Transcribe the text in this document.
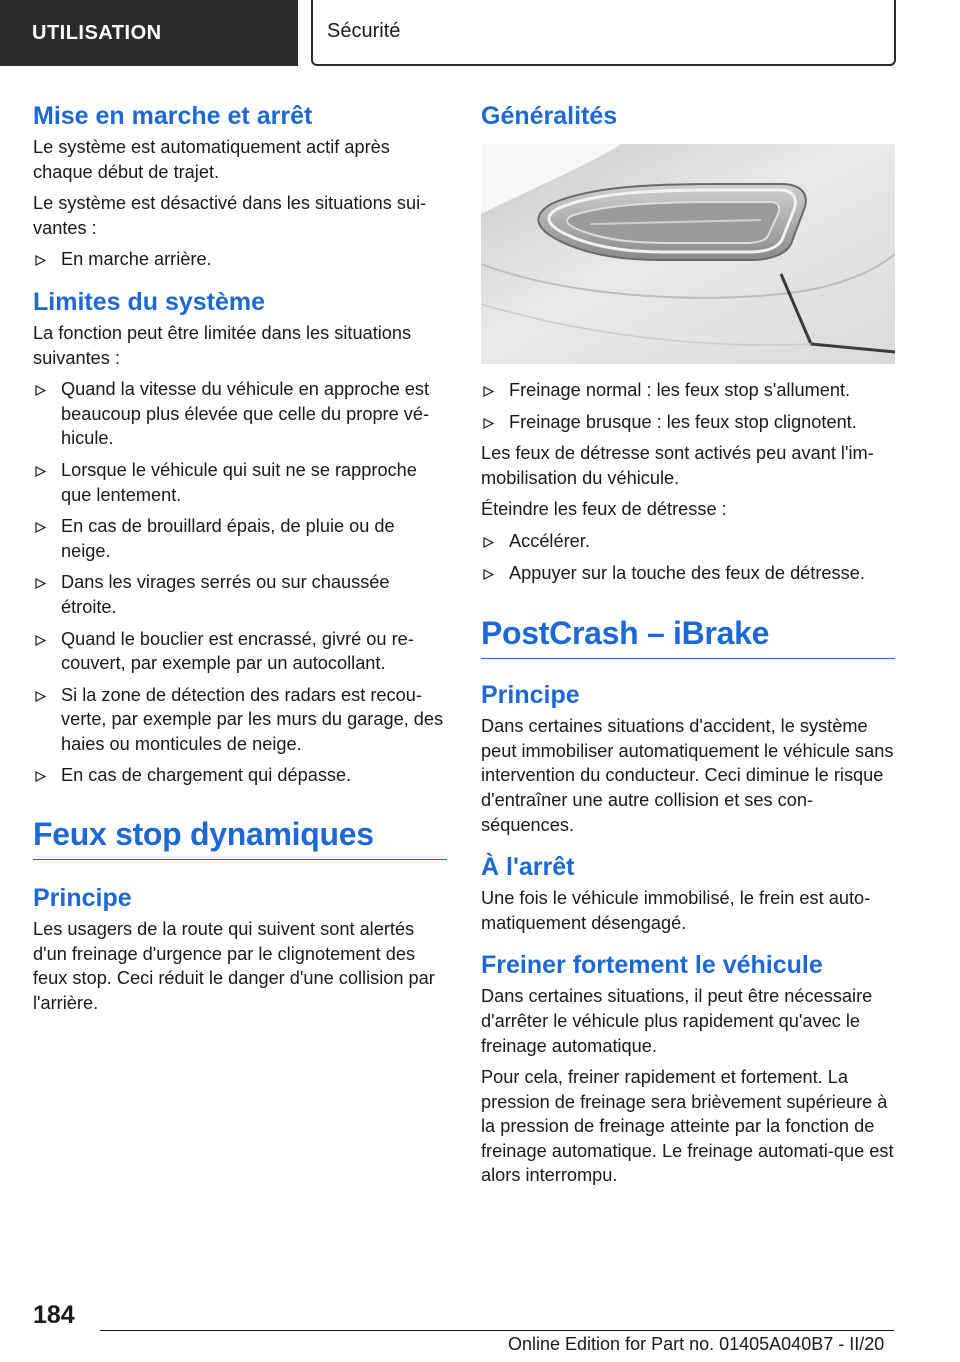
UTILISATION	Sécurité
Mise en marche et arrêt

Le système est automatiquement actif après chaque début de trajet.

Le système est désactivé dans les situations sui-vantes :

En marche arrière.
Limites du système

La fonction peut être limitée dans les situations suivantes :

Quand la vitesse du véhicule en approche est beaucoup plus élevée que celle du propre vé-hicule.
Lorsque le véhicule qui suit ne se rapproche que lentement.
En cas de brouillard épais, de pluie ou de neige.
Dans les virages serrés ou sur chaussée étroite.
Quand le bouclier est encrassé, givré ou re-couvert, par exemple par un autocollant.
Si la zone de détection des radars est recou-verte, par exemple par les murs du garage, des haies ou monticules de neige.
En cas de chargement qui dépasse.
Feux stop dynamiques
Principe

Les usagers de la route qui suivent sont alertés d'un freinage d'urgence par le clignotement des feux stop. Ceci réduit le danger d'une collision par l'arrière.

Généralités
Freinage normal : les feux stop s'allument.
Freinage brusque : les feux stop clignotent.

Les feux de détresse sont activés peu avant l'im-mobilisation du véhicule.

Éteindre les feux de détresse :

Accélérer.
Appuyer sur la touche des feux de détresse.
PostCrash – iBrake
Principe

Dans certaines situations d'accident, le système peut immobiliser automatiquement le véhicule sans intervention du conducteur. Ceci diminue le risque d'entraîner une autre collision et ses con-séquences.

À l'arrêt

Une fois le véhicule immobilisé, le frein est auto-matiquement désengagé.

Freiner fortement le véhicule

Dans certaines situations, il peut être nécessaire d'arrêter le véhicule plus rapidement qu'avec le freinage automatique.

Pour cela, freiner rapidement et fortement. La pression de freinage sera brièvement supérieure à la pression de freinage atteinte par la fonction de freinage automatique. Le freinage automati-que est alors interrompu.

184
Online Edition for Part no. 01405A040B7 - II/20
